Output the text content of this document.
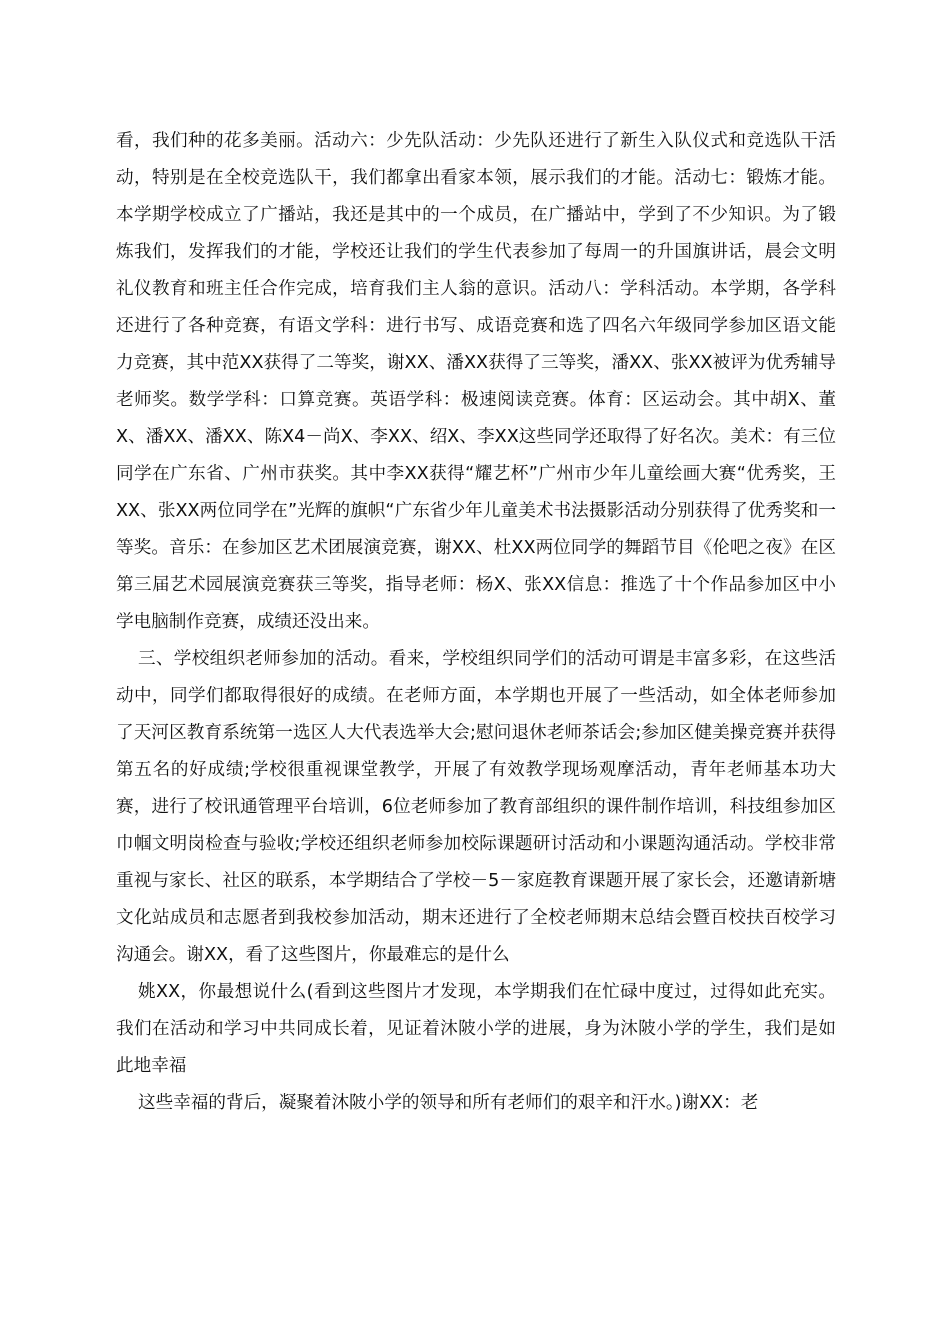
看，我们种的花多美丽。活动六：少先队活动：少先队还进行了新生入队仪式和竞选队干活动，特别是在全校竞选队干，我们都拿出看家本领，展示我们的才能。活动七：锻炼才能。本学期学校成立了广播站，我还是其中的一个成员，在广播站中，学到了不少知识。为了锻炼我们，发挥我们的才能，学校还让我们的学生代表参加了每周一的升国旗讲话，晨会文明礼仪教育和班主任合作完成，培育我们主人翁的意识。活动八：学科活动。本学期，各学科还进行了各种竞赛，有语文学科：进行书写、成语竞赛和选了四名六年级同学参加区语文能力竞赛，其中范XX获得了二等奖，谢XX、潘XX获得了三等奖，潘XX、张XX被评为优秀辅导老师奖。数学学科：口算竞赛。英语学科：极速阅读竞赛。体育：区运动会。其中胡X、董X、潘XX、潘XX、陈X4－尚X、李XX、绍X、李XX这些同学还取得了好名次。美术：有三位同学在广东省、广州市获奖。其中李XX获得“耀艺杯”广州市少年儿童绘画大赛“优秀奖，王XX、张XX两位同学在”光辉的旗帜“广东省少年儿童美术书法摄影活动分别获得了优秀奖和一等奖。音乐：在参加区艺术团展演竞赛，谢XX、杜XX两位同学的舞蹈节目《伦吧之夜》在区第三届艺术园展演竞赛获三等奖，指导老师：杨X、张XX信息：推选了十个作品参加区中小学电脑制作竞赛，成绩还没出来。

三、学校组织老师参加的活动。看来，学校组织同学们的活动可谓是丰富多彩，在这些活动中，同学们都取得很好的成绩。在老师方面，本学期也开展了一些活动，如全体老师参加了天河区教育系统第一选区人大代表选举大会;慰问退休老师茶话会;参加区健美操竞赛并获得第五名的好成绩;学校很重视课堂教学，开展了有效教学现场观摩活动，青年老师基本功大赛，进行了校讯通管理平台培训，6位老师参加了教育部组织的课件制作培训，科技组参加区巾帼文明岗检查与验收;学校还组织老师参加校际课题研讨活动和小课题沟通活动。学校非常重视与家长、社区的联系，本学期结合了学校－5－家庭教育课题开展了家长会，还邀请新塘文化站成员和志愿者到我校参加活动，期末还进行了全校老师期末总结会暨百校扶百校学习沟通会。谢XX，看了这些图片，你最难忘的是什么

姚XX，你最想说什么(看到这些图片才发现，本学期我们在忙碌中度过，过得如此充实。我们在活动和学习中共同成长着，见证着沐陂小学的进展，身为沐陂小学的学生，我们是如此地幸福

这些幸福的背后，凝聚着沐陂小学的领导和所有老师们的艰辛和汗水。)谢XX：老
